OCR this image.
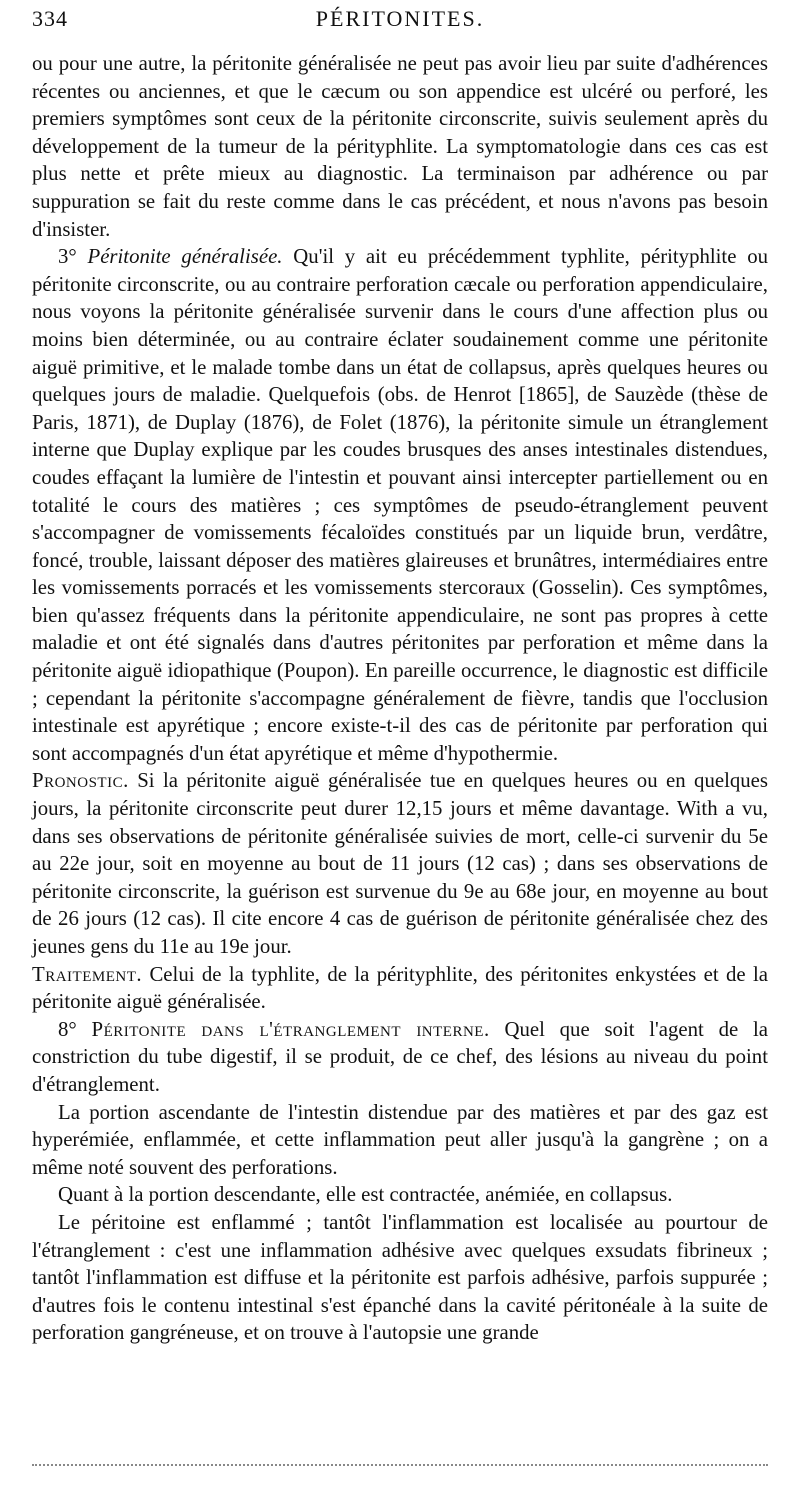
334	PÉRITONITES.

ou pour une autre, la péritonite généralisée ne peut pas avoir lieu par suite d'adhérences récentes ou anciennes, et que le cæcum ou son appendice est ulcéré ou perforé, les premiers symptômes sont ceux de la péritonite circonscrite, suivis seulement après du développement de la tumeur de la pérityphlite. La symptomatologie dans ces cas est plus nette et prête mieux au diagnostic. La terminaison par adhérence ou par suppuration se fait du reste comme dans le cas précédent, et nous n'avons pas besoin d'insister.

3° Péritonite généralisée. Qu'il y ait eu précédemment typhlite, pérityphlite ou péritonite circonscrite, ou au contraire perforation cæcale ou perforation appendiculaire, nous voyons la péritonite généralisée survenir dans le cours d'une affection plus ou moins bien déterminée, ou au contraire éclater soudainement comme une péritonite aiguë primitive, et le malade tombe dans un état de collapsus, après quelques heures ou quelques jours de maladie. Quelquefois (obs. de Henrot [1865], de Sauzède (thèse de Paris, 1871), de Duplay (1876), de Folet (1876), la péritonite simule un étranglement interne que Duplay explique par les coudes brusques des anses intestinales distendues, coudes effaçant la lumière de l'intestin et pouvant ainsi intercepter partiellement ou en totalité le cours des matières ; ces symptômes de pseudo-étranglement peuvent s'accompagner de vomissements fécaloïdes constitués par un liquide brun, verdâtre, foncé, trouble, laissant déposer des matières glaireuses et brunâtres, intermédiaires entre les vomissements porracés et les vomissements stercoraux (Gosselin). Ces symptômes, bien qu'assez fréquents dans la péritonite appendiculaire, ne sont pas propres à cette maladie et ont été signalés dans d'autres péritonites par perforation et même dans la péritonite aiguë idiopathique (Poupon). En pareille occurrence, le diagnostic est difficile ; cependant la péritonite s'accompagne généralement de fièvre, tandis que l'occlusion intestinale est apyrétique ; encore existe-t-il des cas de péritonite par perforation qui sont accompagnés d'un état apyrétique et même d'hypothermie.

Pronostic. Si la péritonite aiguë généralisée tue en quelques heures ou en quelques jours, la péritonite circonscrite peut durer 12,15 jours et même davantage. With a vu, dans ses observations de péritonite généralisée suivies de mort, celle-ci survenir du 5e au 22e jour, soit en moyenne au bout de 11 jours (12 cas) ; dans ses observations de péritonite circonscrite, la guérison est survenue du 9e au 68e jour, en moyenne au bout de 26 jours (12 cas). Il cite encore 4 cas de guérison de péritonite généralisée chez des jeunes gens du 11e au 19e jour.

Traitement. Celui de la typhlite, de la pérityphlite, des péritonites enkystées et de la péritonite aiguë généralisée.

8° Péritonite dans l'étranglement interne. Quel que soit l'agent de la constriction du tube digestif, il se produit, de ce chef, des lésions au niveau du point d'étranglement.

La portion ascendante de l'intestin distendue par des matières et par des gaz est hyperémiée, enflammée, et cette inflammation peut aller jusqu'à la gangrène ; on a même noté souvent des perforations.

Quant à la portion descendante, elle est contractée, anémiée, en collapsus.

Le péritoine est enflammé ; tantôt l'inflammation est localisée au pourtour de l'étranglement : c'est une inflammation adhésive avec quelques exsudats fibrineux ; tantôt l'inflammation est diffuse et la péritonite est parfois adhésive, parfois suppurée ; d'autres fois le contenu intestinal s'est épanché dans la cavité péritonéale à la suite de perforation gangréneuse, et on trouve à l'autopsie une grande
